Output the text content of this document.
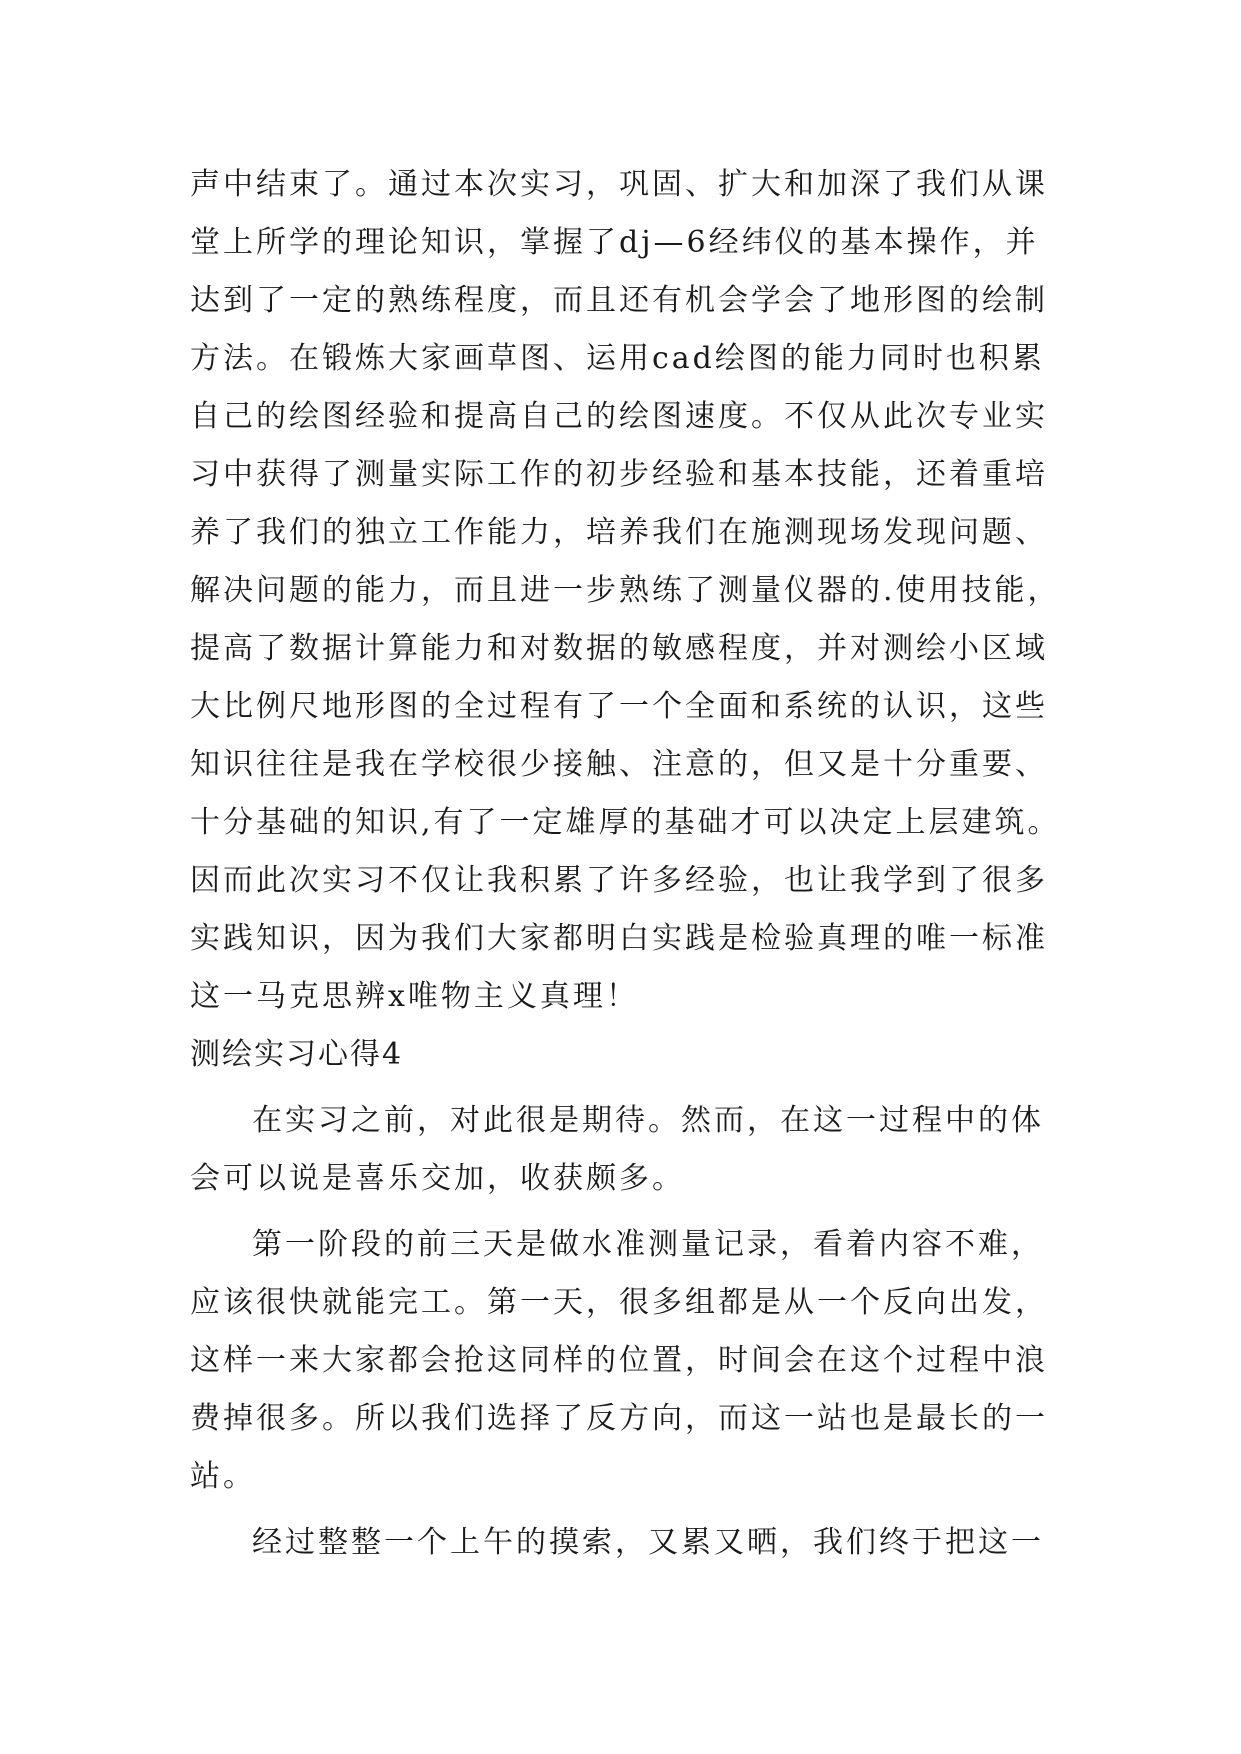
声中结束了。通过本次实习，巩固、扩大和加深了我们从课
堂上所学的理论知识，掌握了dj—6经纬仪的基本操作，并
达到了一定的熟练程度，而且还有机会学会了地形图的绘制
方法。在锻炼大家画草图、运用cad绘图的能力同时也积累
自己的绘图经验和提高自己的绘图速度。不仅从此次专业实
习中获得了测量实际工作的初步经验和基本技能，还着重培
养了我们的独立工作能力，培养我们在施测现场发现问题、
解决问题的能力，而且进一步熟练了测量仪器的.使用技能，
提高了数据计算能力和对数据的敏感程度，并对测绘小区域
大比例尺地形图的全过程有了一个全面和系统的认识，这些
知识往往是我在学校很少接触、注意的，但又是十分重要、
十分基础的知识,有了一定雄厚的基础才可以决定上层建筑。
因而此次实习不仅让我积累了许多经验，也让我学到了很多
实践知识，因为我们大家都明白实践是检验真理的唯一标准
这一马克思辨x唯物主义真理！
测绘实习心得4
在实习之前，对此很是期待。然而，在这一过程中的体
会可以说是喜乐交加，收获颇多。
第一阶段的前三天是做水准测量记录，看着内容不难，
应该很快就能完工。第一天，很多组都是从一个反向出发，
这样一来大家都会抢这同样的位置，时间会在这个过程中浪
费掉很多。所以我们选择了反方向，而这一站也是最长的一
站。
经过整整一个上午的摸索，又累又晒，我们终于把这一
